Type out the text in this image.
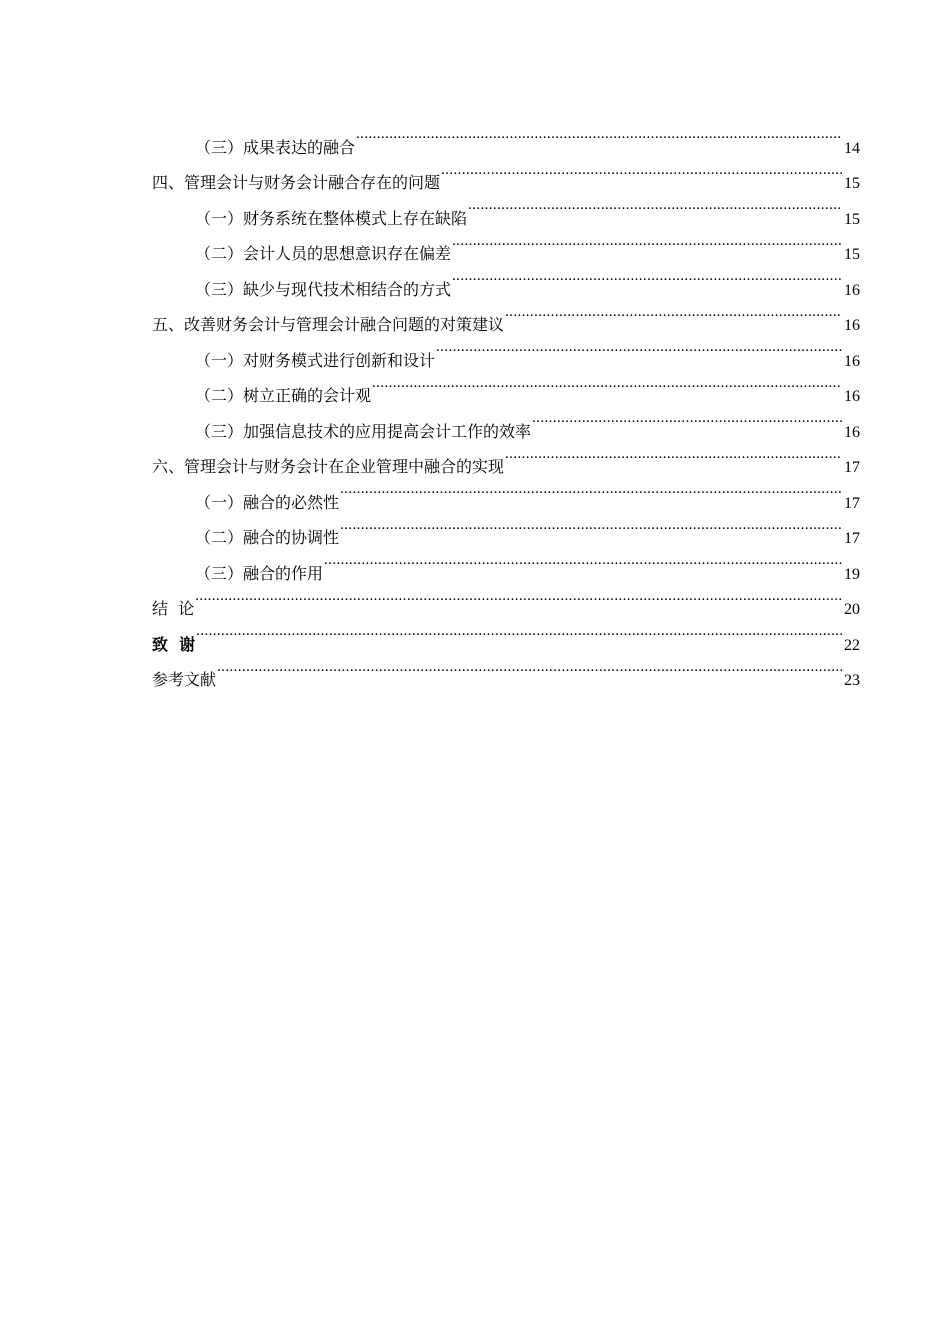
（三）成果表达的融合 .....	14
四、管理会计与财务会计融合存在的问题 .....	15
（一）财务系统在整体模式上存在缺陷 .....	15
（二）会计人员的思想意识存在偏差 .....	15
（三）缺少与现代技术相结合的方式 .....	16
五、改善财务会计与管理会计融合问题的对策建议 .....	16
（一）对财务模式进行创新和设计 .....	16
（二）树立正确的会计观 .....	16
（三）加强信息技术的应用提高会计工作的效率 .....	16
六、管理会计与财务会计在企业管理中融合的实现 .....	17
（一）融合的必然性 .....	17
（二）融合的协调性 .....	17
（三）融合的作用 .....	19
结  论 .....	20
致  谢 .....	22
参考文献 .....	23
